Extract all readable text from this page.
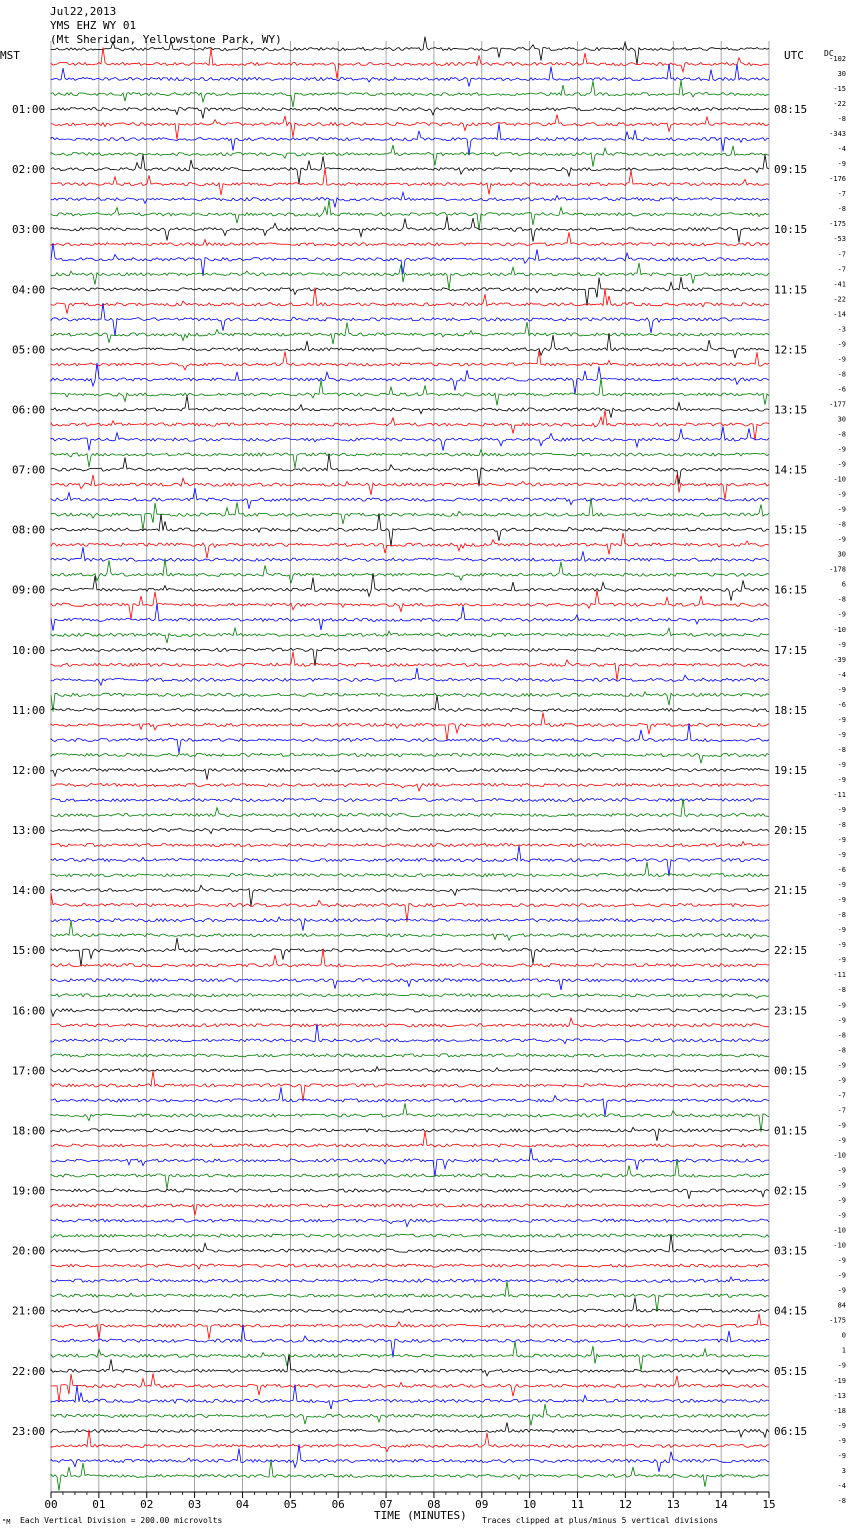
00	01	02	03	04	05	06	07	08	09	10	11	12	13	14	15
-102
30
-15
-22
-8
-343
-4
-9
-176
-7
-8
-175
-53
-7
-7
-41
-22
-14
-3
-9
-9
-8
-6
-177
30
-8
-9
-9
-10
-9
-9
-8
-9
30
-178
6
-8
-9
-10
-9
-39
-4
-9
-6
-9
-9
-8
-9
-9
-11
-9
-8
-9
-9
-6
-9
-9
-8
-9
-9
-9
-11
-8
-9
-9
-8
-8
-9
-9
-7
-7
-9
-9
-10
-9
-9
-9
-9
-10
-10
-9
-9
-9
84
-175
0
1
-9
-19
-13
-18
-9
-9
-9
3
-4
-8
01:00
02:00
03:00
04:00
05:00
06:00
07:00
08:00
09:00
10:00
11:00
12:00
13:00
14:00
15:00
16:00
17:00
18:00
19:00
20:00
21:00
22:00
23:00
08:15
09:15
10:15
11:15
12:15
13:15
14:15
15:15
16:15
17:15
18:15
19:15
20:15
21:15
22:15
23:15
00:15
01:15
02:15
03:15
04:15
05:15
06:15
Jul22,2013
YMS EHZ WY 01
(Mt Sheridan, Yellowstone Park, WY)
MST	UTC	DC
TIME (MINUTES)
Each Vertical Division = 200.00 microvolts	Traces clipped at plus/minus 5 vertical divisions
"M
